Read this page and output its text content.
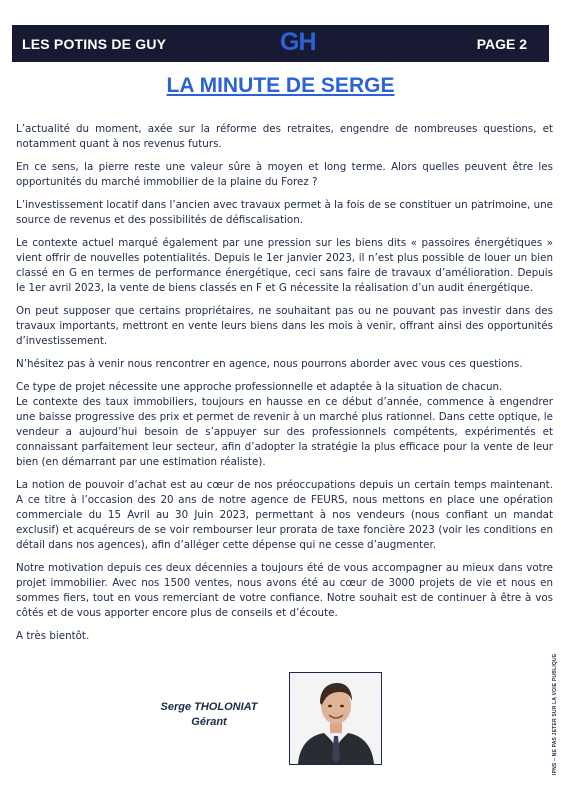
LES POTINS DE GUY	GH	PAGE 2
LA MINUTE DE SERGE

L’actualité du moment, axée sur la réforme des retraites, engendre de nombreuses questions, et notamment quant à nos revenus futurs.

En ce sens, la pierre reste une valeur sûre à moyen et long terme. Alors quelles peuvent être les opportunités du marché immobilier de la plaine du Forez ?

L’investissement locatif dans l’ancien avec travaux permet à la fois de se constituer un patrimoine, une source de revenus et des possibilités de défiscalisation.

Le contexte actuel marqué également par une pression sur les biens dits « passoires énergétiques » vient offrir de nouvelles potentialités. Depuis le 1er janvier 2023, il n’est plus possible de louer un bien classé en G en termes de performance énergétique, ceci sans faire de travaux d’amélioration. Depuis le 1er avril 2023, la vente de biens classés en F et G nécessite la réalisation d’un audit énergétique.

On peut supposer que certains propriétaires, ne souhaitant pas ou ne pouvant pas investir dans des travaux importants, mettront en vente leurs biens dans les mois à venir, offrant ainsi des opportunités d’investissement.

N’hésitez pas à venir nous rencontrer en agence, nous pourrons aborder avec vous ces questions.

Ce type de projet nécessite une approche professionnelle et adaptée à la situation de chacun.

Le contexte des taux immobiliers, toujours en hausse en ce début d’année, commence à engendrer une baisse progressive des prix et permet de revenir à un marché plus rationnel. Dans cette optique, le vendeur a aujourd’hui besoin de s’appuyer sur des professionnels compétents, expérimentés et connaissant parfaitement leur secteur, afin d’adopter la stratégie la plus efficace pour la vente de leur bien (en démarrant par une estimation réaliste).

La notion de pouvoir d’achat est au cœur de nos préoccupations depuis un certain temps maintenant. A ce titre à l’occasion des 20 ans de notre agence de FEURS, nous mettons en place une opération commerciale du 15 Avril au 30 Juin 2023, permettant à nos vendeurs (nous confiant un mandat exclusif) et acquéreurs de se voir rembourser leur prorata de taxe foncière 2023 (voir les conditions en détail dans nos agences), afin d’alléger cette dépense qui ne cesse d’augmenter.

Notre motivation depuis ces deux décennies a toujours été de vous accompagner au mieux dans votre projet immobilier. Avec nos 1500 ventes, nous avons été au cœur de 3000 projets de vie et nous en sommes fiers, tout en vous remerciant de votre confiance. Notre souhait est de continuer à être à vos côtés et de vous apporter encore plus de conseils et d’écoute.

A très bientôt.

Serge THOLONIAT
Gérant	IPNS – NE PAS JETER SUR LA VOIE PUBLIQUE
